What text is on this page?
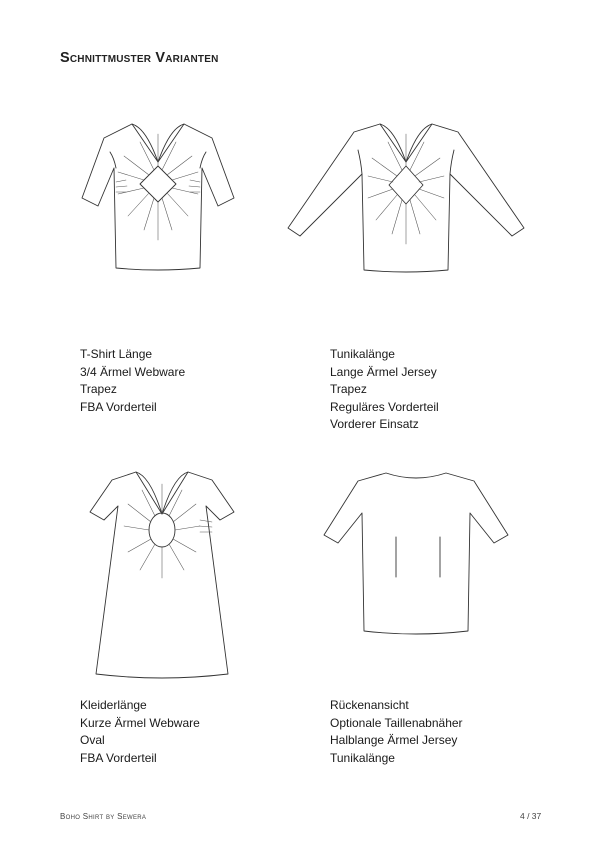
Schnittmuster Varianten
T-Shirt Länge
3/4 Ärmel Webware
Trapez
FBA Vorderteil
Tunikalänge
Lange Ärmel Jersey
Trapez
Reguläres Vorderteil
Vorderer Einsatz
Kleiderlänge
Kurze Ärmel Webware
Oval
FBA Vorderteil
Rückenansicht
Optionale Taillenabnäher
Halblange Ärmel Jersey
Tunikalänge
Boho Shirt by Sewera	4 / 37
